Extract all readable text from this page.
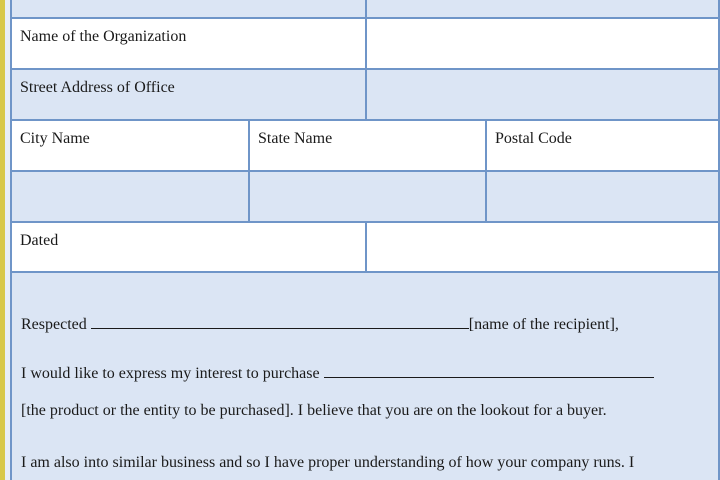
Name of the Organization
Street Address of Office
City Name	State Name	Postal Code
Dated
Respected	[name of the recipient],
I would like to express my interest to purchase
[the product or the entity to be purchased]. I believe that you are on the lookout for a buyer.
I am also into similar business and so I have proper understanding of how your company runs. I
